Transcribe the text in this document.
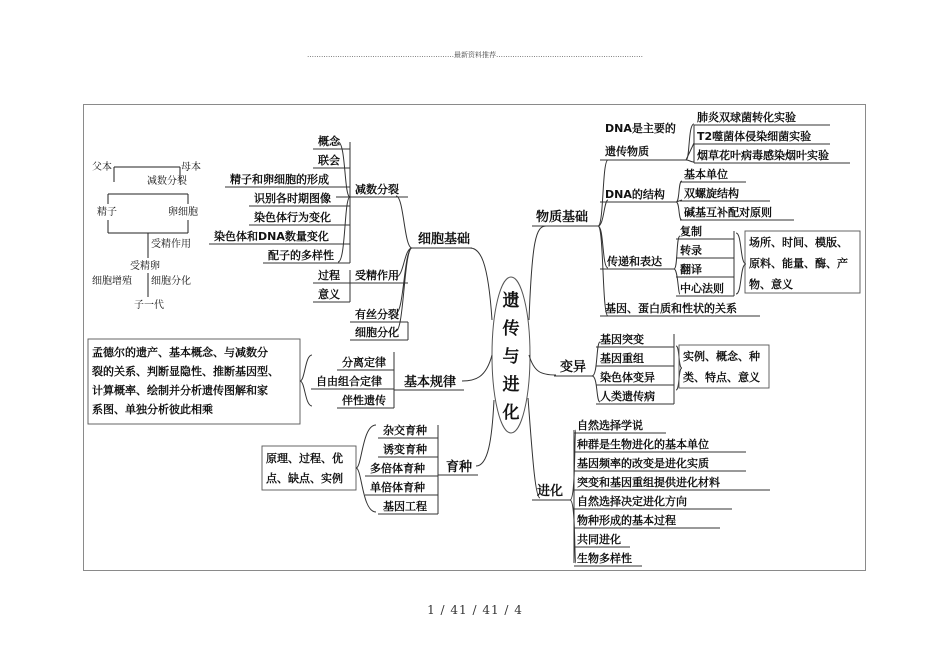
………………………………………………………最新资料推荐………………………………………………………
遗
传
与
进
化
父本	母本
减数分裂
精子	卵细胞
受精作用
受精卵
细胞增殖 细胞分化
子一代
细胞基础
减数分裂
概念
联会
精子和卵细胞的形成
识别各时期图像
染色体行为变化
染色体和DNA数量变化
配子的多样性
受精作用
过程
意义
有丝分裂
细胞分化
孟德尔的遗产、基本概念、与减数分
裂的关系、判断显隐性、推断基因型、
计算概率、绘制并分析遗传图解和家
系图、单独分析彼此相乘
分离定律
自由组合定律
伴性遗传
基本规律
原理、过程、优
点、缺点、实例
杂交育种
诱变育种
多倍体育种
单倍体育种
基因工程
育种
物质基础
DNA是主要的
遗传物质
肺炎双球菌转化实验
T2噬菌体侵染细菌实验
烟草花叶病毒感染烟叶实验
DNA的结构
基本单位
双螺旋结构
碱基互补配对原则
传递和表达
复制
转录
翻译
中心法则
场所、时间、模版、
原料、能量、酶、产
物、意义
基因、蛋白质和性状的关系
变异
基因突变
基因重组
染色体变异
人类遗传病
实例、概念、种
类、特点、意义
进化
自然选择学说
种群是生物进化的基本单位
基因频率的改变是进化实质
突变和基因重组提供进化材料
自然选择决定进化方向
物种形成的基本过程
共同进化
生物多样性
1 / 41 / 41 / 4
